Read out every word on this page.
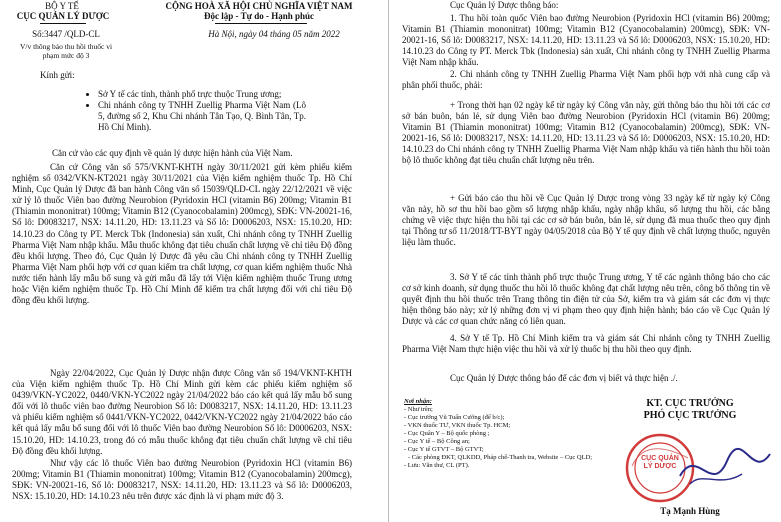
BỘ Y TẾ
CỤC QUẢN LÝ DƯỢC
CỘNG HOÀ XÃ HỘI CHỦ NGHĨA VIỆT NAM
Độc lập - Tự do - Hạnh phúc
Số:3447 /QLD-CL	Hà Nội, ngày 04 tháng 05 năm 2022
V/v thông báo thu hồi thuốc vi phạm mức độ 3
Kính gửi:
• Sở Y tế các tỉnh, thành phố trực thuộc Trung ương;
• Chi nhánh công ty TNHH Zuellig Pharma Việt Nam (Lô 5, đường số 2, Khu Chi nhánh Tân Tạo, Q. Bình Tân, Tp. Hồ Chí Minh).

Căn cứ vào các quy định về quản lý dược hiện hành của Việt Nam.

Căn cứ Công văn số 575/VKNT-KHTH ngày 30/11/2021 gửi kèm phiếu kiểm nghiệm số 0342/VKN-KT2021 ngày 30/11/2021 của Viện kiểm nghiệm thuốc Tp. Hồ Chí Minh, Cục Quản lý Dược đã ban hành Công văn số 15039/QLD-CL ngày 22/12/2021 về việc xử lý lô thuốc Viên bao đường Neurobion (Pyridoxin HCl (vitamin B6) 200mg; Vitamin B1 (Thiamin mononitrat) 100mg; Vitamin B12 (Cyanocobalamin) 200mcg), SĐK: VN-20021-16, Số lô: D0083217, NSX: 14.11.20, HD: 13.11.23 và Số lô: D0006203, NSX: 15.10.20, HD: 14.10.23 do Công ty PT. Merck Tbk (Indonesia) sản xuất, Chi nhánh công ty TNHH Zuellig Pharma Việt Nam nhập khẩu. Mẫu thuốc không đạt tiêu chuẩn chất lượng về chỉ tiêu Độ đồng đều khối lượng. Theo đó, Cục Quản lý Dược đã yêu cầu Chi nhánh công ty TNHH Zuellig Pharma Việt Nam phối hợp với cơ quan kiểm tra chất lượng, cơ quan kiểm nghiệm thuốc Nhà nước tiến hành lấy mẫu bổ sung và gửi mẫu đã lấy tới Viện kiểm nghiệm thuốc Trung ương hoặc Viện kiểm nghiệm thuốc Tp. Hồ Chí Minh để kiểm tra chất lượng đối với chỉ tiêu Độ đồng đều khối lượng.

Ngày 22/04/2022, Cục Quản lý Dược nhận được Công văn số 194/VKNT-KHTH của Viện kiểm nghiệm thuốc Tp. Hồ Chí Minh gửi kèm các phiếu kiểm nghiệm số 0439/VKN-YC2022, 0440/VKN-YC2022 ngày 21/04/2022 báo cáo kết quả lấy mẫu bổ sung đối với lô thuốc viên bao đường Neurobion Số lô: D0083217, NSX: 14.11.20, HD: 13.11.23 và phiếu kiểm nghiệm số 0441/VKN-YC2022, 0442/VKN-YC2022 ngày 21/04/2022 báo cáo kết quả lấy mẫu bổ sung đối với lô thuốc Viên bao đường Neurobion Số lô: D0006203, NSX: 15.10.20, HD: 14.10.23, trong đó có mẫu thuốc không đạt tiêu chuẩn chất lượng về chỉ tiêu Độ đồng đều khối lượng.

Như vậy các lô thuốc Viên bao đường Neurobion (Pyridoxin HCl (vitamin B6) 200mg; Vitamin B1 (Thiamin mononitrat) 100mg; Vitamin B12 (Cyanocobalamin) 200mcg), SĐK: VN-20021-16, Số lô: D0083217, NSX: 14.11.20, HD: 13.11.23 và Số lô: D0006203, NSX: 15.10.20, HD: 14.10.23 nêu trên được xác định là vi phạm mức độ 3.

Cục Quản lý Dược thông báo:

1. Thu hồi toàn quốc Viên bao đường Neurobion (Pyridoxin HCl (vitamin B6) 200mg; Vitamin B1 (Thiamin mononitrat) 100mg; Vitamin B12 (Cyanocobalamin) 200mcg), SĐK: VN-20021-16, Số lô: D0083217, NSX: 14.11.20, HD: 13.11.23 và Số lô: D0006203, NSX: 15.10.20, HD: 14.10.23 do Công ty PT. Merck Tbk (Indonesia) sản xuất, Chi nhánh công ty TNHH Zuellig Pharma Việt Nam nhập khẩu.

2. Chi nhánh công ty TNHH Zuellig Pharma Việt Nam phối hợp với nhà cung cấp và phân phối thuốc, phải:

+ Trong thời hạn 02 ngày kể từ ngày ký Công văn này, gửi thông báo thu hồi tới các cơ sở bán buôn, bán lẻ, sử dụng Viên bao đường Neurobion (Pyridoxin HCl (vitamin B6) 200mg; Vitamin B1 (Thiamin mononitrat) 100mg; Vitamin B12 (Cyanocobalamin) 200mcg), SĐK: VN-20021-16, Số lô: D0083217, NSX: 14.11.20, HD: 13.11.23 và Số lô: D0006203, NSX: 15.10.20, HD: 14.10.23 do Chi nhánh công ty TNHH Zuellig Pharma Việt Nam nhập khẩu và tiến hành thu hồi toàn bộ lô thuốc không đạt tiêu chuẩn chất lượng nêu trên.

+ Gửi báo cáo thu hồi về Cục Quản lý Dược trong vòng 33 ngày kể từ ngày ký Công văn này, hồ sơ thu hồi bao gồm số lượng nhập khẩu, ngày nhập khẩu, số lượng thu hồi, các bằng chứng về việc thực hiện thu hồi tại các cơ sở bán buôn, bán lẻ, sử dụng đã mua thuốc theo quy định tại Thông tư số 11/2018/TT-BYT ngày 04/05/2018 của Bộ Y tế quy định về chất lượng thuốc, nguyên liệu làm thuốc.

3. Sở Y tế các tỉnh thành phố trực thuộc Trung ương, Y tế các ngành thông báo cho các cơ sở kinh doanh, sử dụng thuốc thu hồi lô thuốc không đạt chất lượng nêu trên, công bố thông tin về quyết định thu hồi thuốc trên Trang thông tin điện tử của Sở, kiểm tra và giám sát các đơn vị thực hiện thông báo này; xử lý những đơn vị vi phạm theo quy định hiện hành; báo cáo về Cục Quản lý Dược và các cơ quan chức năng có liên quan.

4. Sở Y tế Tp. Hồ Chí Minh kiểm tra và giám sát Chi nhánh công ty TNHH Zuellig Pharma Việt Nam thực hiện việc thu hồi và xử lý thuốc bị thu hồi theo quy định.

Cục Quản lý Dược thông báo để các đơn vị biết và thực hiện ./.

Nơi nhận:
- Như trên;
- Cục trưởng Vũ Tuấn Cường (để b/c);
- VKN thuốc TƯ, VKN thuốc Tp. HCM;
- Cục Quân Y – Bộ quốc phòng ;
- Cục Y tế – Bộ Công an;
- Cục Y tế GTVT – Bộ GTVT;
- Các phòng ĐKT, QLKDD, Pháp chế-Thanh tra, Website – Cục QLD;
- Lưu: Văn thư, CL (PT).
KT. CỤC TRƯỞNG
PHÓ CỤC TRƯỞNG
CỤC QUẢN LÝ DƯỢC
Tạ Mạnh Hùng
